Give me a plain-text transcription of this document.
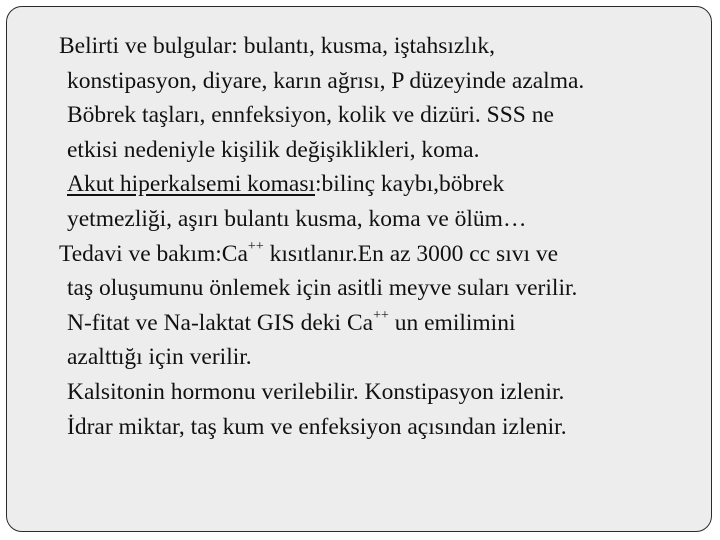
Belirti ve bulgular: bulantı, kusma, iştahsızlık,
konstipasyon, diyare, karın ağrısı, P düzeyinde azalma.
Böbrek taşları, ennfeksiyon, kolik ve dizüri. SSS ne
etkisi nedeniyle kişilik değişiklikleri, koma.

Akut hiperkalsemi koması:bilinç kaybı,böbrek
yetmezliği, aşırı bulantı kusma, koma ve ölüm…

Tedavi ve bakım:Ca++ kısıtlanır.En az 3000 cc sıvı ve
taş oluşumunu önlemek için asitli meyve suları verilir.

N-fitat ve Na-laktat GIS deki Ca++ un emilimini
azalttığı için verilir.

Kalsitonin hormonu verilebilir. Konstipasyon izlenir.
İdrar miktar, taş kum ve enfeksiyon açısından izlenir.
